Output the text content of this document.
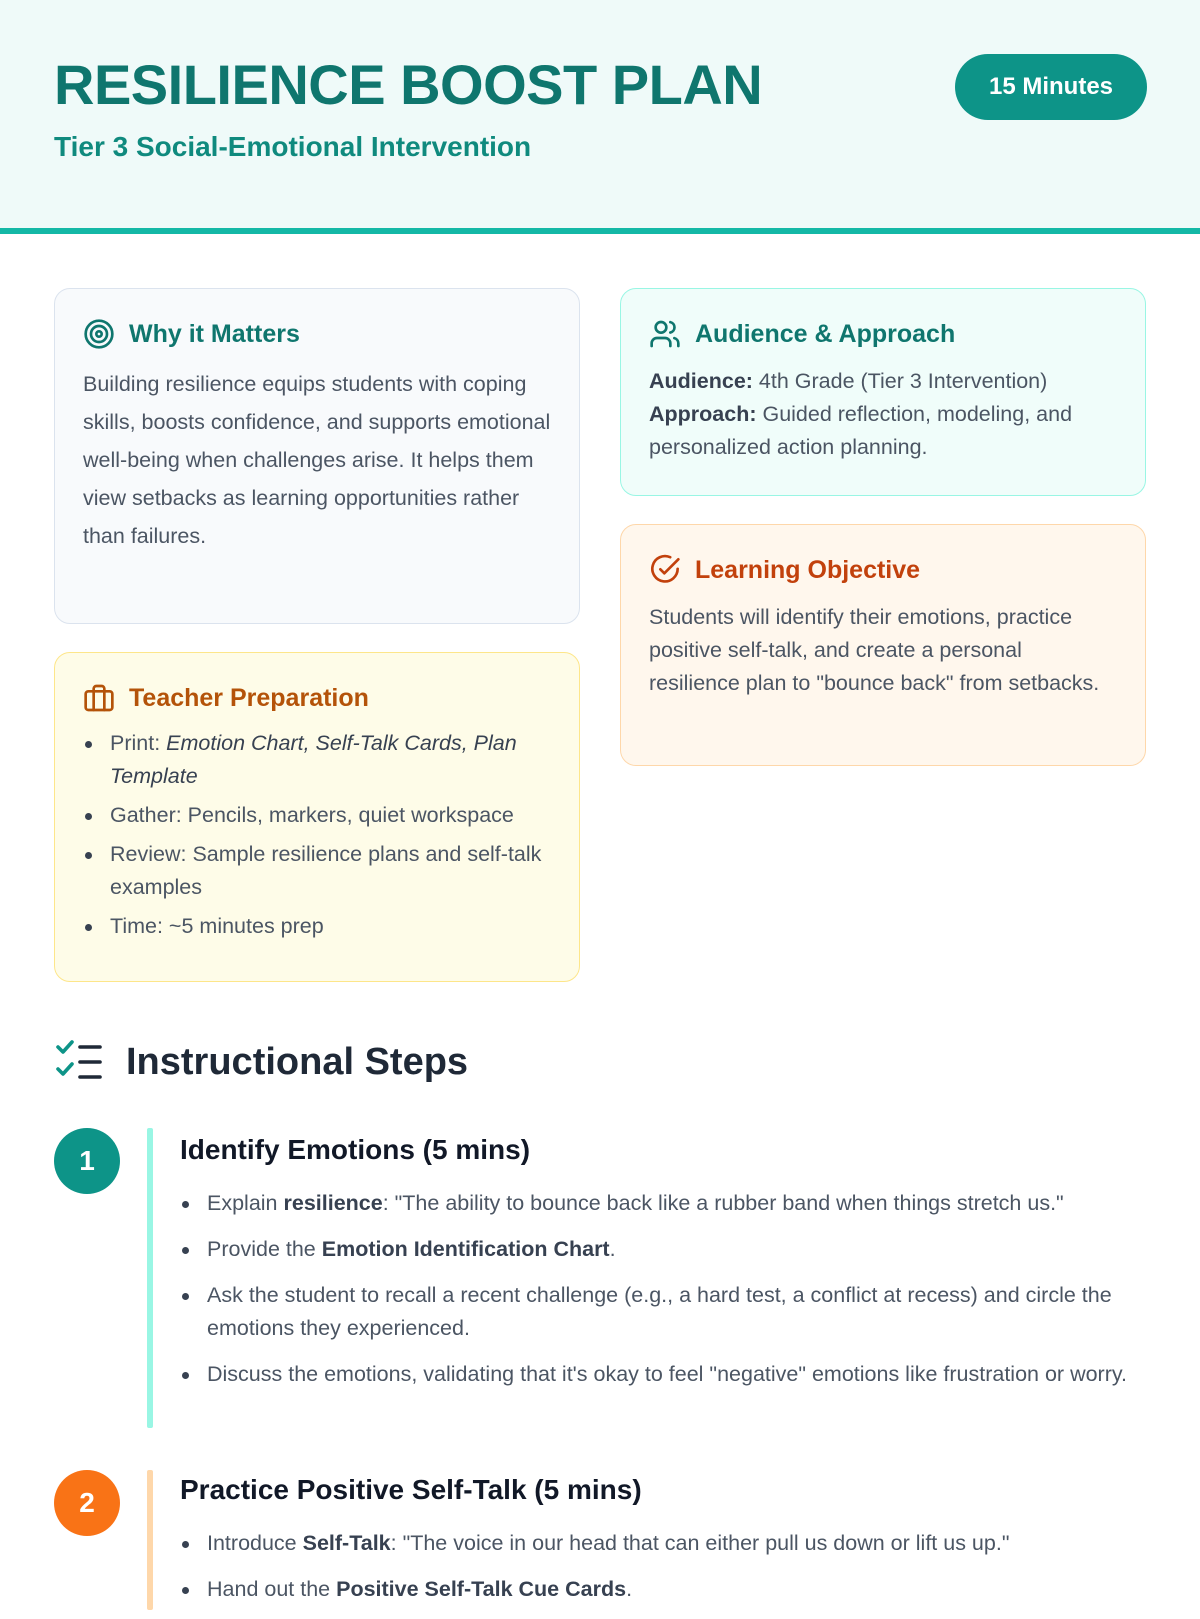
RESILIENCE BOOST PLAN
Tier 3 Social-Emotional Intervention
15 Minutes
Why it Matters

Building resilience equips students with coping skills, boosts confidence, and supports emotional well-being when challenges arise. It helps them view setbacks as learning opportunities rather than failures.

Audience & Approach
Audience: 4th Grade (Tier 3 Intervention)
Approach: Guided reflection, modeling, and personalized action planning.
Learning Objective

Students will identify their emotions, practice positive self-talk, and create a personal resilience plan to "bounce back" from setbacks.

Teacher Preparation
Print: Emotion Chart, Self-Talk Cards, Plan Template
Gather: Pencils, markers, quiet workspace
Review: Sample resilience plans and self-talk examples
Time: ~5 minutes prep
Instructional Steps
1	Identify Emotions (5 mins)
Explain resilience: "The ability to bounce back like a rubber band when things stretch us."
Provide the Emotion Identification Chart.
Ask the student to recall a recent challenge (e.g., a hard test, a conflict at recess) and circle the emotions they experienced.
Discuss the emotions, validating that it's okay to feel "negative" emotions like frustration or worry.
2	Practice Positive Self-Talk (5 mins)
Introduce Self-Talk: "The voice in our head that can either pull us down or lift us up."
Hand out the Positive Self-Talk Cue Cards.
